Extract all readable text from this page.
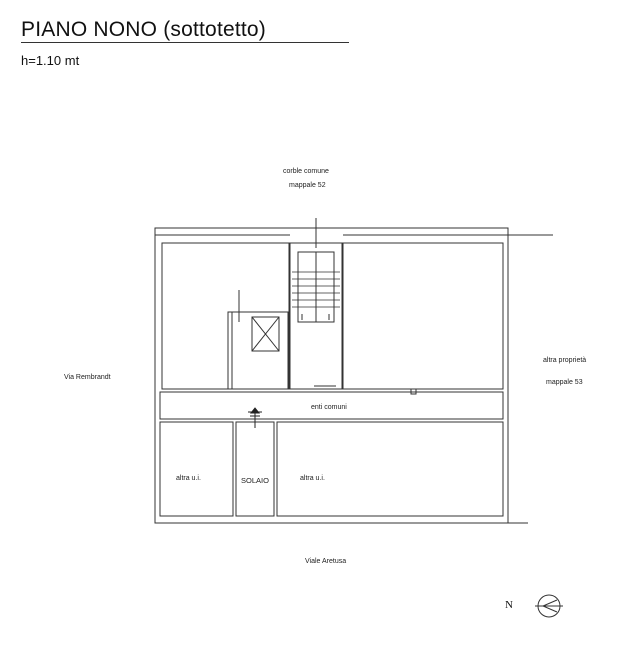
PIANO NONO (sottotetto)
h=1.10 mt
corble comune
mappale 52
Via Rembrandt
altra proprietà
mappale 53
enti comuni
altra u.i.	SOLAIO	altra u.i.
Viale Aretusa
N
